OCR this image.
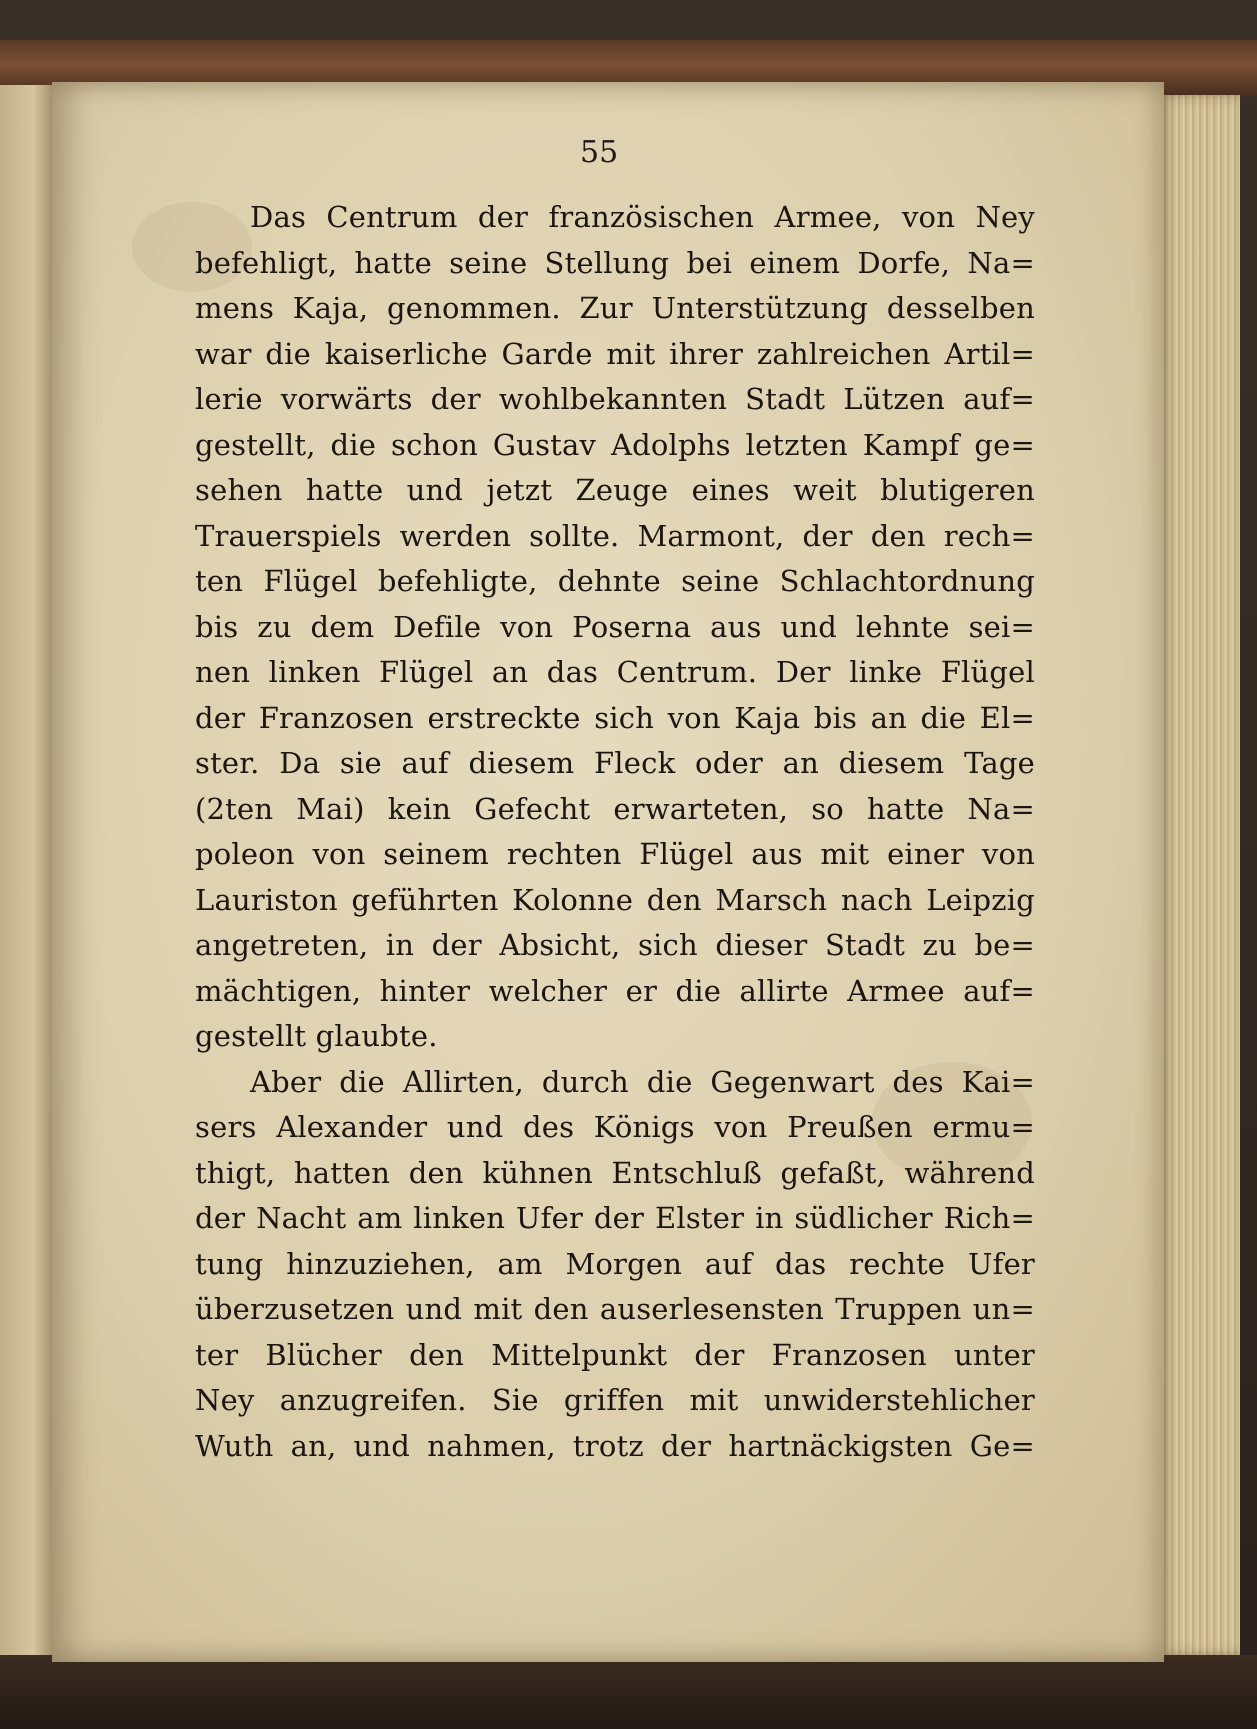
55
Das Centrum der französischen Armee, von Ney
befehligt, hatte seine Stellung bei einem Dorfe, Na=
mens Kaja, genommen. Zur Unterstützung desselben
war die kaiserliche Garde mit ihrer zahlreichen Artil=
lerie vorwärts der wohlbekannten Stadt Lützen auf=
gestellt, die schon Gustav Adolphs letzten Kampf ge=
sehen hatte und jetzt Zeuge eines weit blutigeren
Trauerspiels werden sollte. Marmont, der den rech=
ten Flügel befehligte, dehnte seine Schlachtordnung
bis zu dem Defile von Poserna aus und lehnte sei=
nen linken Flügel an das Centrum. Der linke Flügel
der Franzosen erstreckte sich von Kaja bis an die El=
ster. Da sie auf diesem Fleck oder an diesem Tage
(2ten Mai) kein Gefecht erwarteten, so hatte Na=
poleon von seinem rechten Flügel aus mit einer von
Lauriston geführten Kolonne den Marsch nach Leipzig
angetreten, in der Absicht, sich dieser Stadt zu be=
mächtigen, hinter welcher er die allirte Armee auf=
gestellt glaubte.
Aber die Allirten, durch die Gegenwart des Kai=
sers Alexander und des Königs von Preußen ermu=
thigt, hatten den kühnen Entschluß gefaßt, während
der Nacht am linken Ufer der Elster in südlicher Rich=
tung hinzuziehen, am Morgen auf das rechte Ufer
überzusetzen und mit den auserlesensten Truppen un=
ter Blücher den Mittelpunkt der Franzosen unter
Ney anzugreifen. Sie griffen mit unwiderstehlicher
Wuth an, und nahmen, trotz der hartnäckigsten Ge=
